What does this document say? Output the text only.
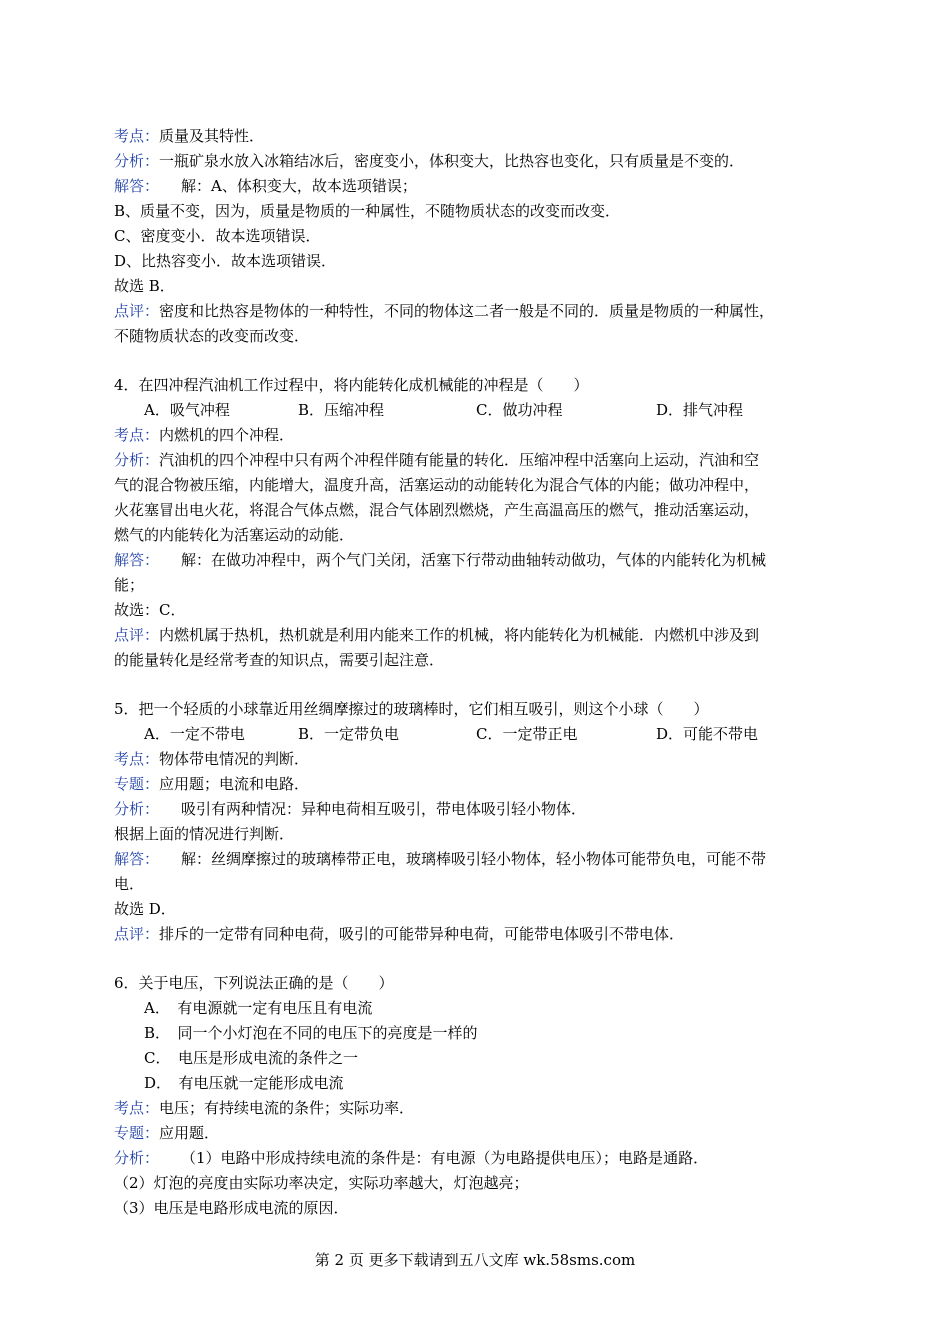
考点：质量及其特性．
分析：一瓶矿泉水放入冰箱结冰后，密度变小，体积变大，比热容也变化，只有质量是不变的．
解答： 解：A、体积变大，故本选项错误；
B、质量不变，因为，质量是物质的一种属性，不随物质状态的改变而改变．
C、密度变小．故本选项错误．
D、比热容变小．故本选项错误．
故选 B．
点评：密度和比热容是物体的一种特性，不同的物体这二者一般是不同的．质量是物质的一种属性，
不随物质状态的改变而改变．
4．在四冲程汽油机工作过程中，将内能转化成机械能的冲程是（　　）
A．吸气冲程	B．压缩冲程	C．做功冲程	D．排气冲程
考点：内燃机的四个冲程．
分析：汽油机的四个冲程中只有两个冲程伴随有能量的转化．压缩冲程中活塞向上运动，汽油和空
气的混合物被压缩，内能增大，温度升高，活塞运动的动能转化为混合气体的内能；做功冲程中，
火花塞冒出电火花，将混合气体点燃，混合气体剧烈燃烧，产生高温高压的燃气，推动活塞运动，
燃气的内能转化为活塞运动的动能．
解答： 解：在做功冲程中，两个气门关闭，活塞下行带动曲轴转动做功，气体的内能转化为机械
能；
故选：C．
点评：内燃机属于热机，热机就是利用内能来工作的机械，将内能转化为机械能．内燃机中涉及到
的能量转化是经常考查的知识点，需要引起注意．
5．把一个轻质的小球靠近用丝绸摩擦过的玻璃棒时，它们相互吸引，则这个小球（　　）
A．一定不带电	B．一定带负电	C．一定带正电	D．可能不带电
考点：物体带电情况的判断．
专题：应用题；电流和电路．
分析： 吸引有两种情况：异种电荷相互吸引，带电体吸引轻小物体．
根据上面的情况进行判断．
解答： 解：丝绸摩擦过的玻璃棒带正电，玻璃棒吸引轻小物体，轻小物体可能带负电，可能不带
电．
故选 D．
点评：排斥的一定带有同种电荷，吸引的可能带异种电荷，可能带电体吸引不带电体．
6．关于电压，下列说法正确的是（　　）
A．　有电源就一定有电压且有电流
B．　同一个小灯泡在不同的电压下的亮度是一样的
C．　电压是形成电流的条件之一
D．　有电压就一定能形成电流
考点：电压；有持续电流的条件；实际功率．
专题：应用题．
分析： （1）电路中形成持续电流的条件是：有电源（为电路提供电压）；电路是通路．
（2）灯泡的亮度由实际功率决定，实际功率越大，灯泡越亮；
（3）电压是电路形成电流的原因．
第 2 页 更多下载请到五八文库 wk.58sms.com
